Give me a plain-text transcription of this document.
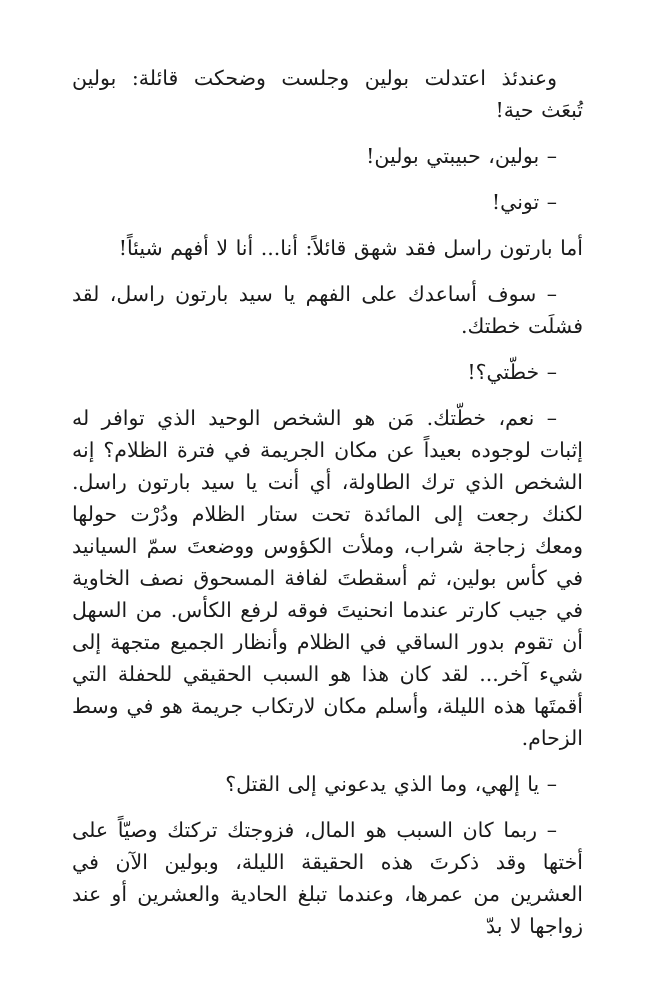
وعندئذ اعتدلت بولين وجلست وضحكت قائلة: بولين تُبعَث حية!

– بولين، حبيبتي بولين!

– توني!

أما بارتون راسل فقد شهق قائلاً: أنا... أنا لا أفهم شيئاً!

– سوف أساعدك على الفهم يا سيد بارتون راسل، لقد فشلَت خطتك.

– خطّتي؟!

– نعم، خطّتك. مَن هو الشخص الوحيد الذي توافر له إثبات لوجوده بعيداً عن مكان الجريمة في فترة الظلام؟ إنه الشخص الذي ترك الطاولة، أي أنت يا سيد بارتون راسل. لكنك رجعت إلى المائدة تحت ستار الظلام ودُرْت حولها ومعك زجاجة شراب، وملأت الكؤوس ووضعتَ سمّ السيانيد في كأس بولين، ثم أسقطتَ لفافة المسحوق نصف الخاوية في جيب كارتر عندما انحنيتَ فوقه لرفع الكأس. من السهل أن تقوم بدور الساقي في الظلام وأنظار الجميع متجهة إلى شيء آخر... لقد كان هذا هو السبب الحقيقي للحفلة التي أقمتَها هذه الليلة، وأسلم مكان لارتكاب جريمة هو في وسط الزحام.

– يا إلهي، وما الذي يدعوني إلى القتل؟

– ربما كان السبب هو المال، فزوجتك تركتك وصيّاً على أختها وقد ذكرتَ هذه الحقيقة الليلة، وبولين الآن في العشرين من عمرها، وعندما تبلغ الحادية والعشرين أو عند زواجها لا بدّ
